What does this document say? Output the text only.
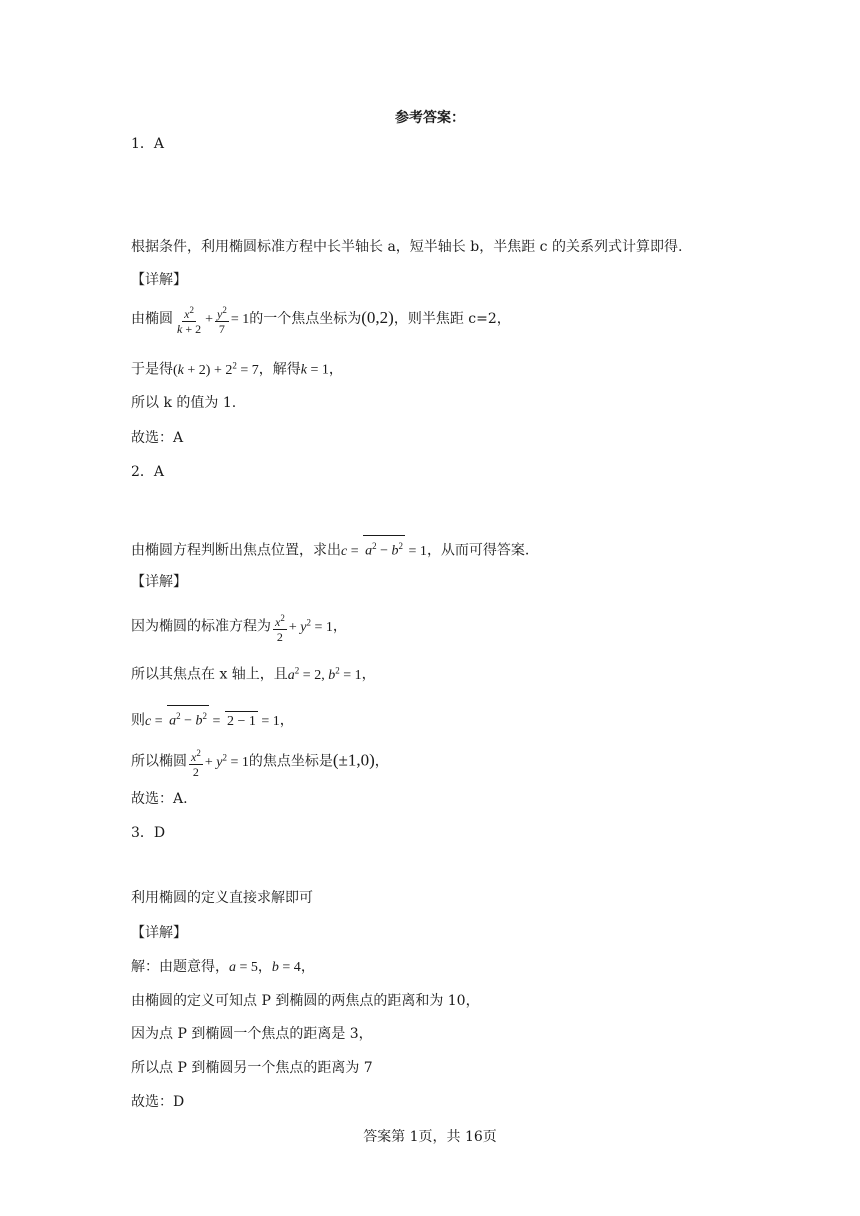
参考答案：
1．A
根据条件，利用椭圆标准方程中长半轴长 a，短半轴长 b，半焦距 c 的关系列式计算即得.
【详解】
由椭圆 $\frac{x^2}{k + 2} + \frac{y^2}{7} = 1$的一个焦点坐标为(0,2)，则半焦距 c=2，
于是得$(k + 2) + 2^2 = 7$，解得k = 1，
所以 k 的值为 1.
故选：A
2．A
由椭圆方程判断出焦点位置，求出$c = a^2 - b^2 = 1$，从而可得答案.
【详解】
因为椭圆的标准方程为 $\frac{x^2}{2} + y^2 = 1$，
所以其焦点在 x 轴上，且$a^2 = 2$, $b^2 = 1$，
则$c = a^2 - b^2 = 2 - 1 = 1$，
所以椭圆 $\frac{x^2}{2} + y^2 = 1$的焦点坐标是(±1,0)，
故选：A.
3．D
利用椭圆的定义直接求解即可
【详解】
解：由题意得，a = 5，b = 4，
由椭圆的定义可知点 P 到椭圆的两焦点的距离和为 10，
因为点 P 到椭圆一个焦点的距离是 3，
所以点 P 到椭圆另一个焦点的距离为 7
故选：D
答案第 1页，共 16页
